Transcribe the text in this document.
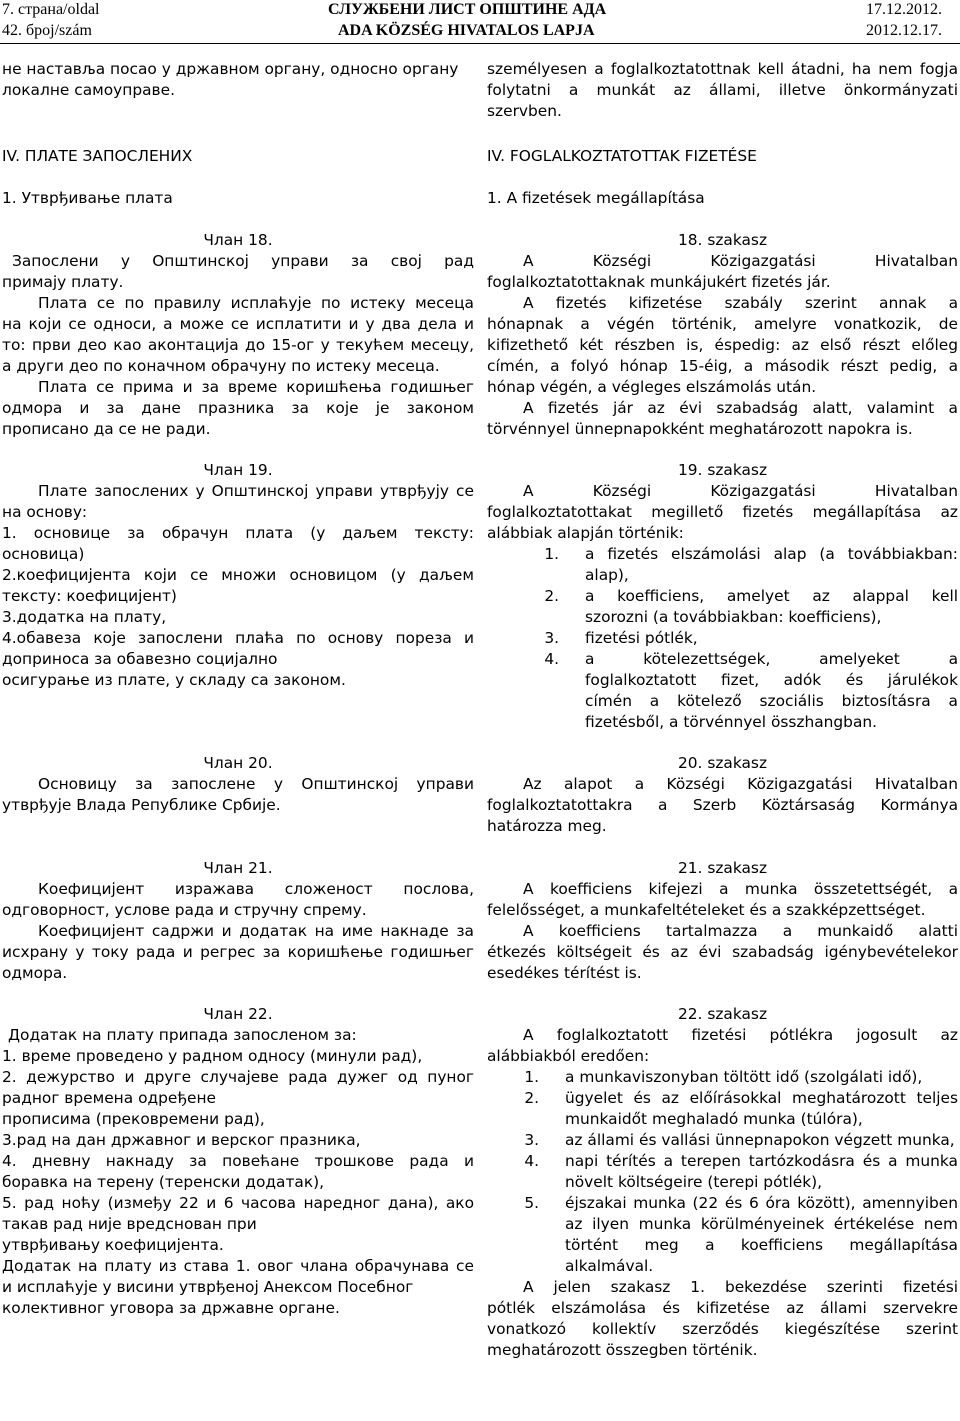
7. страна/oldal
42. број/szám
СЛУЖБЕНИ ЛИСТ ОПШТИНЕ АДА
ADA KÖZSÉG HIVATALOS LAPJA
17.12.2012.
2012.12.17.
не наставља посао у државном органу, односно органу
локалне самоуправе.
IV. ПЛАТЕ ЗАПОСЛЕНИХ
1. Утврђивање плата
Члан 18.
Запослени у Општинској управи за свој рад
примају плату.
Плата се по правилу исплаћује по истеку месеца
на који се односи, а може се исплатити и у два дела и
то: први део као аконтација до 15-ог у текућем месецу,
а други део по коначном обрачуну по истеку месеца.
Плата се прима и за време коришћења годишњег
одмора и за дане празника за које је законом
прописано да се не ради.
Члан 19.
Плате запослених у Општинској управи утврђују се
на основу:
1. основице за обрачун плата (у даљем тексту:
основица)
2.коефицијента који се множи основицом (у даљем
тексту: коефицијент)
3.додатка на плату,
4.обавеза које запослени плаћа по основу пореза и
доприноса за обавезно социјално
осигурање из плате, у складу са законом.
Члан 20.
Основицу за запослене у Општинској управи
утврђује Влада Републике Србије.
Члан 21.
Коефицијент изражава сложеност послова,
одговорност, услове рада и стручну спрему.
Коефицијент садржи и додатак на име накнаде за
исхрану у току рада и регрес за коришћење годишњег
одмора.
Члан 22.
Додатак на плату припада запосленом за:
1. време проведено у радном односу (минули рад),
2. дежурство и друге случајеве рада дужег од пуног
радног времена одређене
прописима (прековремени рад),
3.рад на дан државног и верског празника,
4. дневну накнаду за повећане трошкове рада и
боравка на терену (теренски додатак),
5. рад ноћу (између 22 и 6 часова наредног дана), ако
такав рад није вредснован при
утврђивању коефицијента.
Додатак на плату из става 1. овог члана обрачунава се
и исплаћује у висини утврђеној Анексом Посебног
колективног уговора за државне органе.
személyesen a foglalkoztatottnak kell átadni, ha nem fogja
folytatni a munkát az állami, illetve önkormányzati
szervben.
IV. FOGLALKOZTATOTTAK FIZETÉSE
1. A fizetések megállapítása
18. szakasz
A Községi Közigazgatási Hivatalban
foglalkoztatottaknak munkájukért fizetés jár.
A fizetés kifizetése szabály szerint annak a
hónapnak a végén történik, amelyre vonatkozik, de
kifizethető két részben is, éspedig: az első részt előleg
címén, a folyó hónap 15-éig, a második részt pedig, a
hónap végén, a végleges elszámolás után.
A fizetés jár az évi szabadság alatt, valamint a
törvénnyel ünnepnapokként meghatározott napokra is.
19. szakasz
A Községi Közigazgatási Hivatalban
foglalkoztatottakat megillető fizetés megállapítása az
alábbiak alapján történik:
1.	a fizetés elszámolási alap (a továbbiakban:
alap),
2.	a koefficiens, amelyet az alappal kell
szorozni (a továbbiakban: koefficiens),
3.	fizetési pótlék,
4.	a kötelezettségek, amelyeket a
foglalkoztatott fizet, adók és járulékok
címén a kötelező szociális biztosításra a
fizetésből, a törvénnyel összhangban.
20. szakasz
Az alapot a Községi Közigazgatási Hivatalban
foglalkoztatottakra a Szerb Köztársaság Kormánya
határozza meg.
21. szakasz
A koefficiens kifejezi a munka összetettségét, a
felelősséget, a munkafeltételeket és a szakképzettséget.
A koefficiens tartalmazza a munkaidő alatti
étkezés költségeit és az évi szabadság igénybevételekor
esedékes térítést is.
22. szakasz
A foglalkoztatott fizetési pótlékra jogosult az
alábbiakból eredően:
1.	a munkaviszonyban töltött idő (szolgálati idő),
2.	ügyelet és az előírásokkal meghatározott teljes
munkaidőt meghaladó munka (túlóra),
3.	az állami és vallási ünnepnapokon végzett munka,
4.	napi térítés a terepen tartózkodásra és a munka
növelt költségeire (terepi pótlék),
5.	éjszakai munka (22 és 6 óra között), amennyiben
az ilyen munka körülményeinek értékelése nem
történt meg a koefficiens megállapítása
alkalmával.
A jelen szakasz 1. bekezdése szerinti fizetési
pótlék elszámolása és kifizetése az állami szervekre
vonatkozó kollektív szerződés kiegészítése szerint
meghatározott összegben történik.
